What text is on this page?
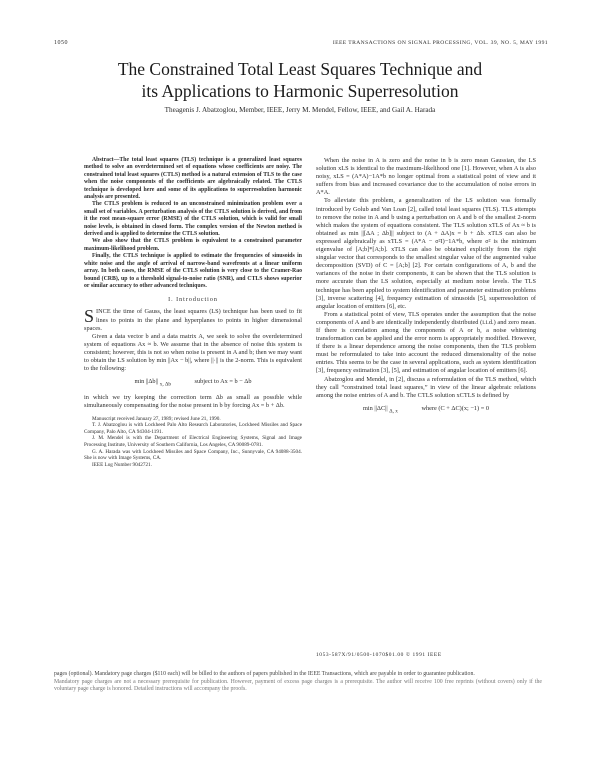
1050	IEEE TRANSACTIONS ON SIGNAL PROCESSING, VOL. 39, NO. 5, MAY 1991
The Constrained Total Least Squares Technique and
its Applications to Harmonic Superresolution
Theagenis J. Abatzoglou, Member, IEEE, Jerry M. Mendel, Fellow, IEEE, and Gail A. Harada

Abstract—The total least squares (TLS) technique is a generalized least squares method to solve an overdetermined set of equations whose coefficients are noisy. The constrained total least squares (CTLS) method is a natural extension of TLS to the case when the noise components of the coefficients are algebraically related. The CTLS technique is developed here and some of its applications to superresolution harmonic analysis are presented.

The CTLS problem is reduced to an unconstrained minimization problem over a small set of variables. A perturbation analysis of the CTLS solution is derived, and from it the root mean-square error (RMSE) of the CTLS solution, which is valid for small noise levels, is obtained in closed form. The complex version of the Newton method is derived and is applied to determine the CTLS solution.

We also show that the CTLS problem is equivalent to a constrained parameter maximum-likelihood problem.

Finally, the CTLS technique is applied to estimate the frequencies of sinusoids in white noise and the angle of arrival of narrow-band wavefronts at a linear uniform array. In both cases, the RMSE of the CTLS solution is very close to the Cramer-Rao bound (CRB), up to a threshold signal-to-noise ratio (SNR), and CTLS shows superior or similar accuracy to other advanced techniques.

I. Introduction

SINCE the time of Gauss, the least squares (LS) technique has been used to fit lines to points in the plane and hyperplanes to points in higher dimensional spaces.

Given a data vector b and a data matrix A, we seek to solve the overdetermined system of equations Ax ≈ b. We assume that in the absence of noise this system is consistent; however, this is not so when noise is present in A and b; then we may want to obtain the LS solution by min ||Ax − b||, where ||·|| is the 2-norm. This is equivalent to the following:

min ||Δb|| $_{x, \Delta b}$	subject to Ax = b − Δb

in which we try keeping the correction term Δb as small as possible while simultaneously compensating for the noise present in b by forcing Ax = b + Δb.

Manuscript received January 27, 1989; revised June 21, 1990.

T. J. Abatzoglou is with Lockheed Palo Alto Research Laboratories, Lockheed Missiles and Space Company, Palo Alto, CA 94304-1191.

J. M. Mendel is with the Department of Electrical Engineering Systems, Signal and Image Processing Institute, University of Southern California, Los Angeles, CA 90089-0781.

G. A. Harada was with Lockheed Missiles and Space Company, Inc., Sunnyvale, CA 94088-3504. She is now with Image Systems, CA.

IEEE Log Number 9042721.

When the noise in A is zero and the noise in b is zero mean Gaussian, the LS solution xLS is identical to the maximum-likelihood one [1]. However, when A is also noisy, xLS = (A*A)−1A*b no longer optimal from a statistical point of view and it suffers from bias and increased covariance due to the accumulation of noise errors in A*A.

To alleviate this problem, a generalization of the LS solution was formally introduced by Golub and Van Loan [2], called total least squares (TLS). TLS attempts to remove the noise in A and b using a perturbation on A and b of the smallest 2-norm which makes the system of equations consistent. The TLS solution xTLS of Ax ≈ b is obtained as min ||[ΔA ; Δb]|| subject to (A + ΔA)x = b + Δb. xTLS can also be expressed algebraically as xTLS = (A*A − σ²I)−1A*b, where σ² is the minimum eigenvalue of [A;b]*[A;b]. xTLS can also be obtained explicitly from the right singular vector that corresponds to the smallest singular value of the augmented value decomposition (SVD) of C = [A;b] [2]. For certain configurations of A, b and the variances of the noise in their components, it can be shown that the TLS solution is more accurate than the LS solution, especially at medium noise levels. The TLS technique has been applied to system identification and parameter estimation problems [3], inverse scattering [4], frequency estimation of sinusoids [5], superresolution of angular location of emitters [6], etc.

From a statistical point of view, TLS operates under the assumption that the noise components of A and b are identically independently distributed (i.i.d.) and zero mean. If there is correlation among the components of A or b, a noise whitening transformation can be applied and the error norm is appropriately modified. However, if there is a linear dependence among the noise components, then the TLS problem must be reformulated to take into account the reduced dimensionality of the noise entries. This seems to be the case in several applications, such as system identification [3], frequency estimation [3], [5], and estimation of angular location of emitters [6].

Abatzoglou and Mendel, in [2], discuss a reformulation of the TLS method, which they call “constrained total least squares,” in view of the linear algebraic relations among the noise entries of A and b. The CTLS solution xCTLS is defined by

min ||ΔC|| $_{\Delta, x}$	where (C + ΔC)(x; −1) = 0
1053-587X/91/0500-1070$01.00 © 1991 IEEE
pages (optional). Mandatory page charges ($110 each) will be billed to the authors of papers published in the IEEE Transactions, which are payable in order to guarantee publication.
Mandatory page charges are not a necessary prerequisite for publication. However, payment of excess page charges is a prerequisite. The author will receive 100 free reprints (without covers) only if the voluntary page charge is honored. Detailed instructions will accompany the proofs.
